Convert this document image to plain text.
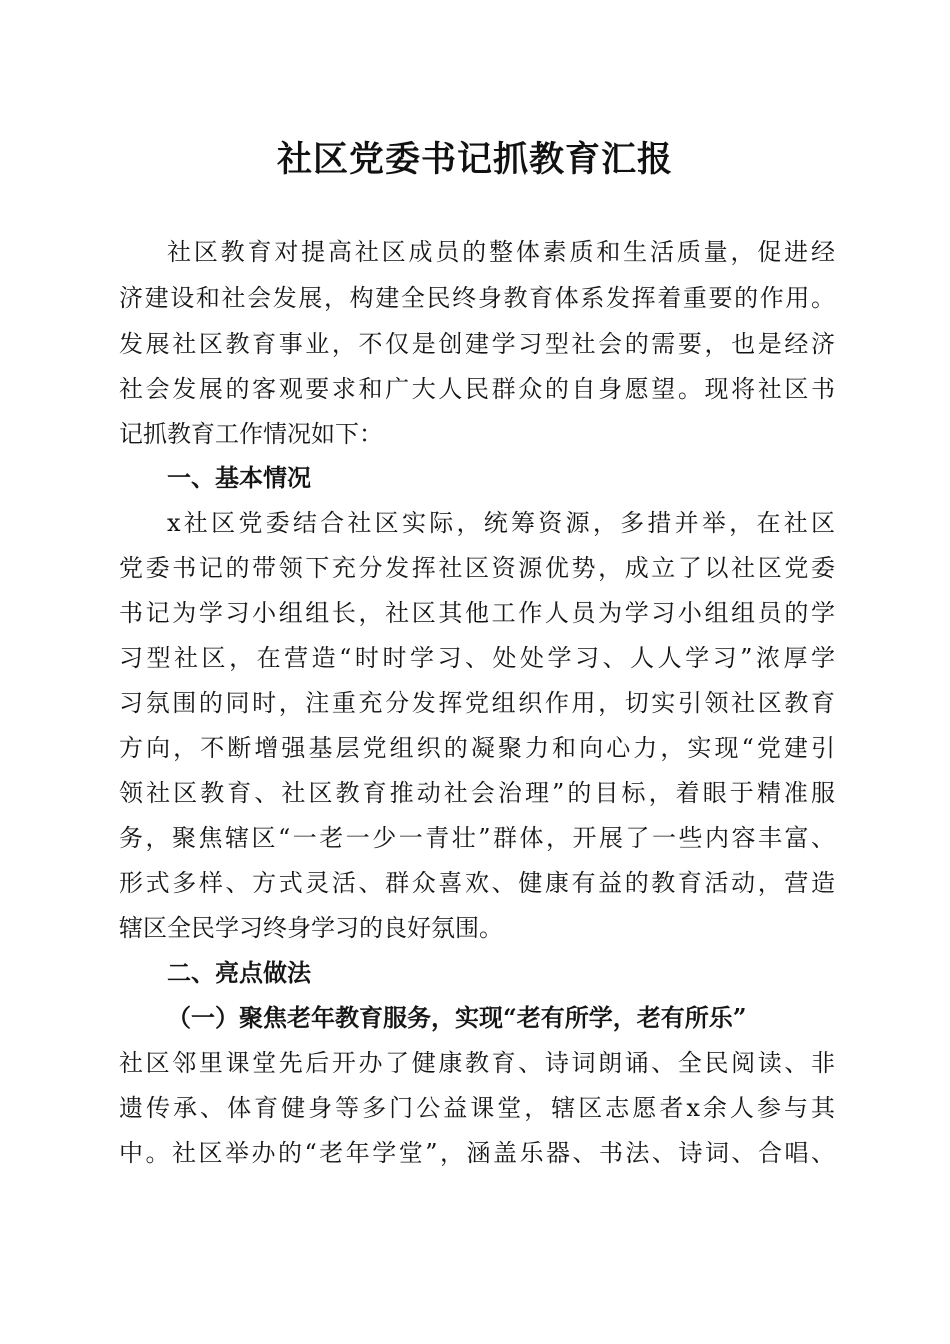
社区党委书记抓教育汇报
社区教育对提高社区成员的整体素质和生活质量，促进经
济建设和社会发展，构建全民终身教育体系发挥着重要的作用。
发展社区教育事业，不仅是创建学习型社会的需要，也是经济
社会发展的客观要求和广大人民群众的自身愿望。现将社区书
记抓教育工作情况如下：
一、基本情况
x社区党委结合社区实际，统筹资源，多措并举，在社区
党委书记的带领下充分发挥社区资源优势，成立了以社区党委
书记为学习小组组长，社区其他工作人员为学习小组组员的学
习型社区，在营造“时时学习、处处学习、人人学习”浓厚学
习氛围的同时，注重充分发挥党组织作用，切实引领社区教育
方向，不断增强基层党组织的凝聚力和向心力，实现“党建引
领社区教育、社区教育推动社会治理”的目标，着眼于精准服
务，聚焦辖区“一老一少一青壮”群体，开展了一些内容丰富、
形式多样、方式灵活、群众喜欢、健康有益的教育活动，营造
辖区全民学习终身学习的良好氛围。
二、亮点做法
（一）聚焦老年教育服务，实现“老有所学，老有所乐”
社区邻里课堂先后开办了健康教育、诗词朗诵、全民阅读、非
遗传承、体育健身等多门公益课堂，辖区志愿者x余人参与其
中。社区举办的“老年学堂”，涵盖乐器、书法、诗词、合唱、
